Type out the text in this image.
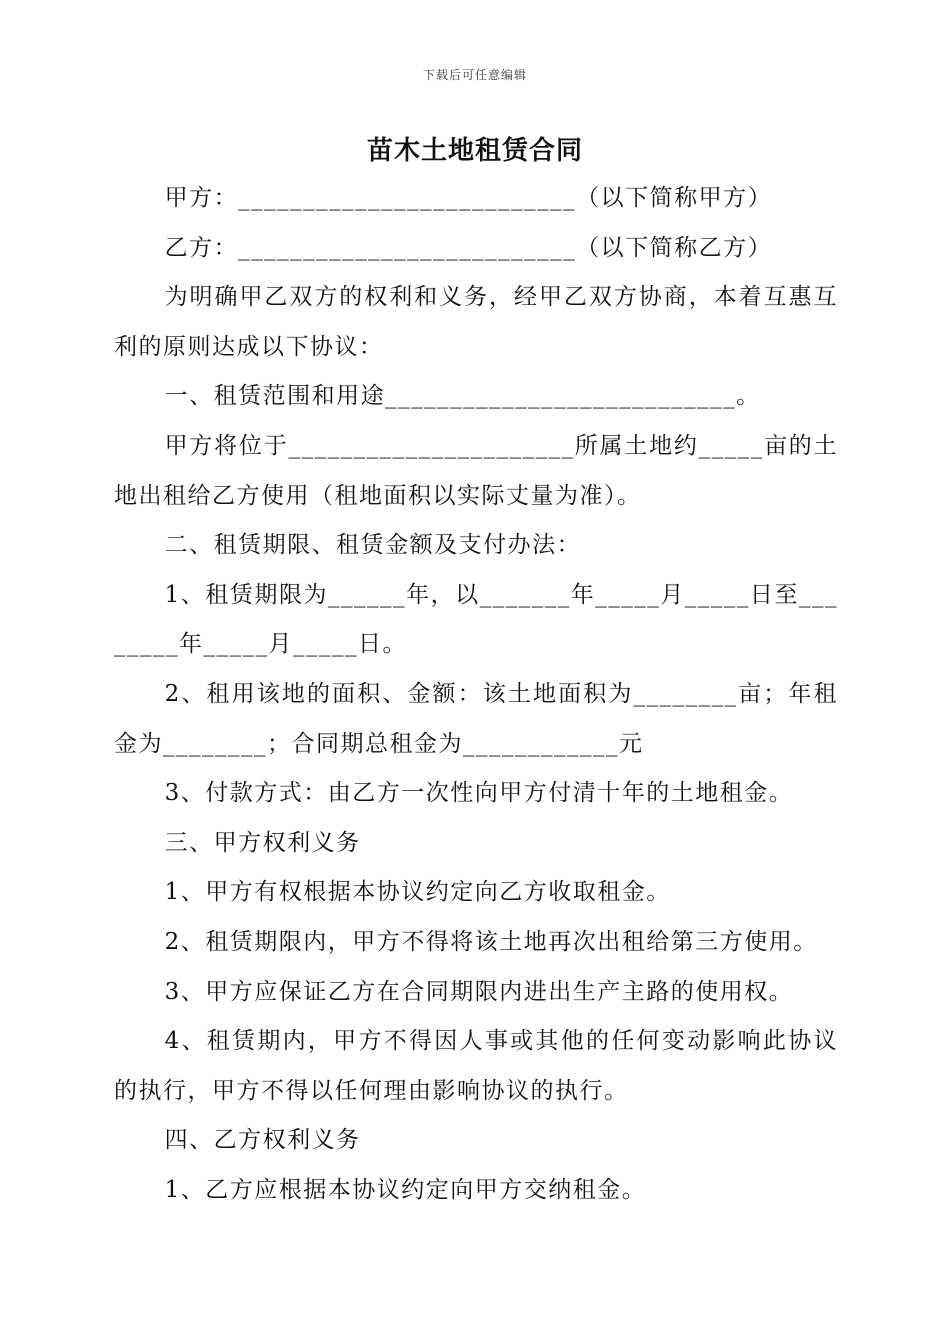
下载后可任意编辑
苗木土地租赁合同

甲方：__________________________（以下简称甲方）

乙方：__________________________（以下简称乙方）

为明确甲乙双方的权利和义务，经甲乙双方协商，本着互惠互利的原则达成以下协议：

一、租赁范围和用途___________________________。

甲方将位于______________________所属土地约_____亩的土地出租给乙方使用（租地面积以实际丈量为准）。

二、租赁期限、租赁金额及支付办法：

1、租赁期限为______年，以_______年_____月_____日至________年_____月_____日。

2、租用该地的面积、金额：该土地面积为________亩；年租金为________；合同期总租金为____________元

3、付款方式：由乙方一次性向甲方付清十年的土地租金。

三、甲方权利义务

1、甲方有权根据本协议约定向乙方收取租金。

2、租赁期限内，甲方不得将该土地再次出租给第三方使用。

3、甲方应保证乙方在合同期限内进出生产主路的使用权。

4、租赁期内，甲方不得因人事或其他的任何变动影响此协议的执行，甲方不得以任何理由影响协议的执行。

四、乙方权利义务

1、乙方应根据本协议约定向甲方交纳租金。
